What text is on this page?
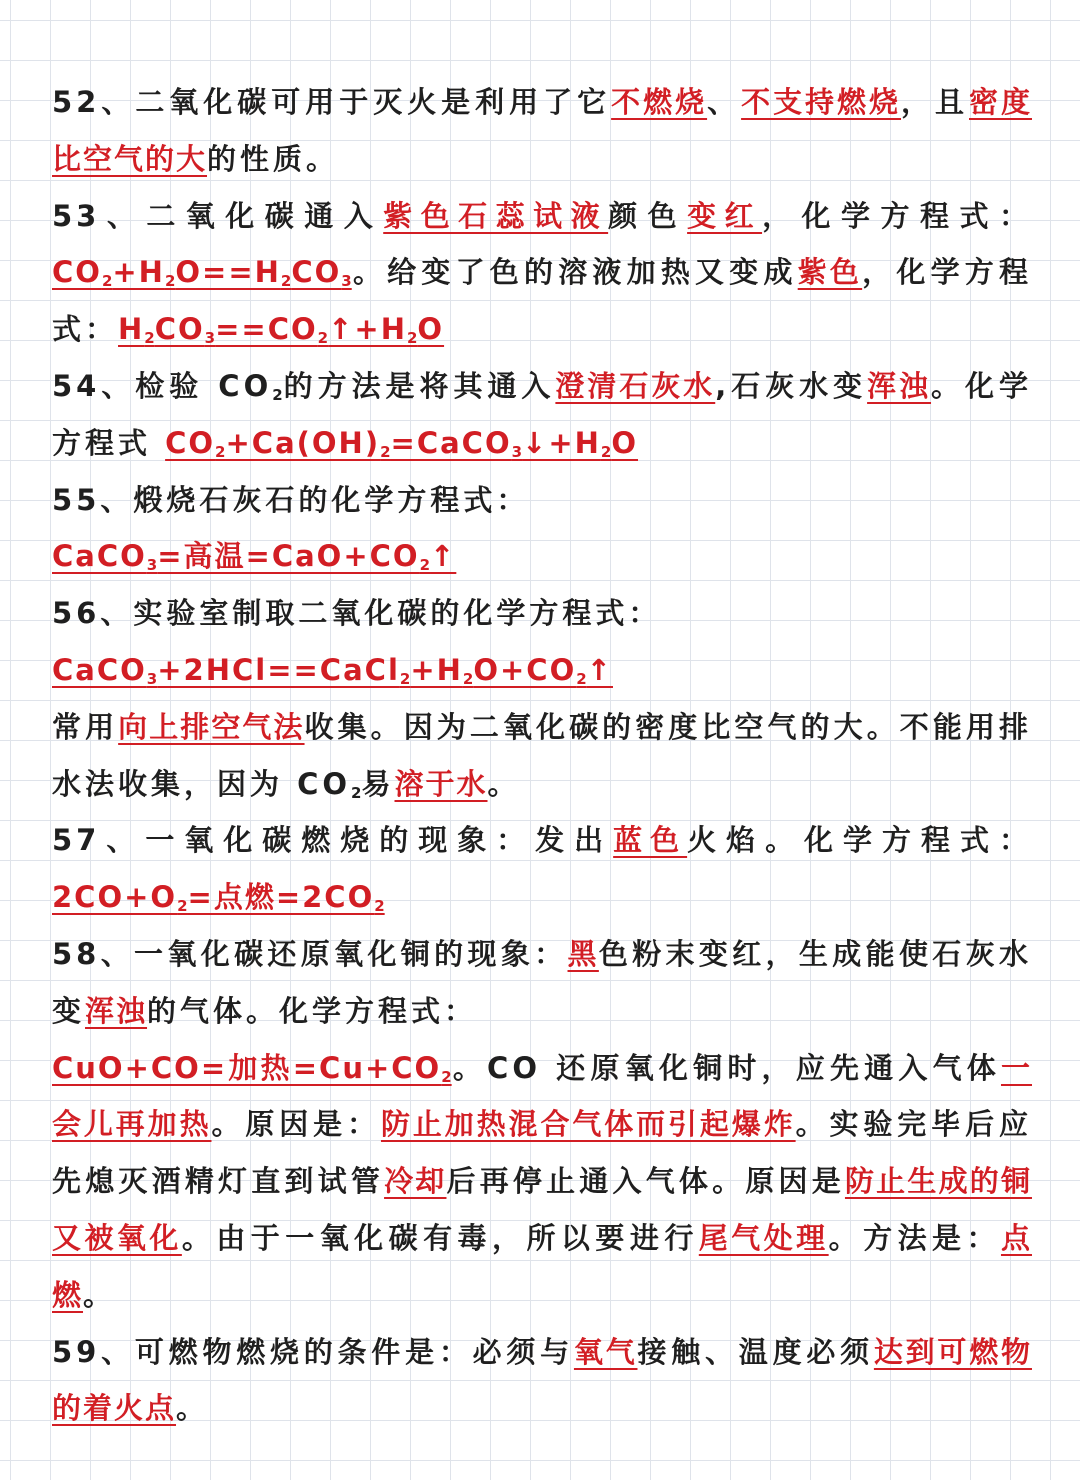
52、二氧化碳可用于灭火是利用了它不燃烧、不支持燃烧，且密度比空气的大的性质。

53、二氧化碳通入紫色石蕊试液颜色变红，化学方程式：$CO_2+H_2O==H_2CO_3$。给变了色的溶液加热又变成紫色，化学方程式：$H_2CO_3==CO_2↑+H_2O$

54、检验 $CO_2$的方法是将其通入澄清石灰水,石灰水变浑浊。化学方程式 $CO_2+Ca(OH)_2=CaCO_3↓+H_2O$

55、煅烧石灰石的化学方程式：
CaCO$_3$=高温$=CaO+CO_2↑$

56、实验室制取二氧化碳的化学方程式：
$CaCO_3+2HCl==CaCl_2+H_2O+CO_2↑$
常用向上排空气法收集。因为二氧化碳的密度比空气的大。不能用排水法收集，因为 $CO_2$易溶于水。

57、一氧化碳燃烧的现象：发出蓝色火焰。化学方程式：$2CO+O_2=$点燃$=2CO_2$

58、一氧化碳还原氧化铜的现象：黑色粉末变红，生成能使石灰水变浑浊的气体。化学方程式：
CuO+CO=加热$=Cu+CO_2$。CO 还原氧化铜时，应先通入气体一会儿再加热。原因是：防止加热混合气体而引起爆炸。实验完毕后应先熄灭酒精灯直到试管冷却后再停止通入气体。原因是防止生成的铜又被氧化。由于一氧化碳有毒，所以要进行尾气处理。方法是：点燃。

59、可燃物燃烧的条件是：必须与氧气接触、温度必须达到可燃物的着火点。
